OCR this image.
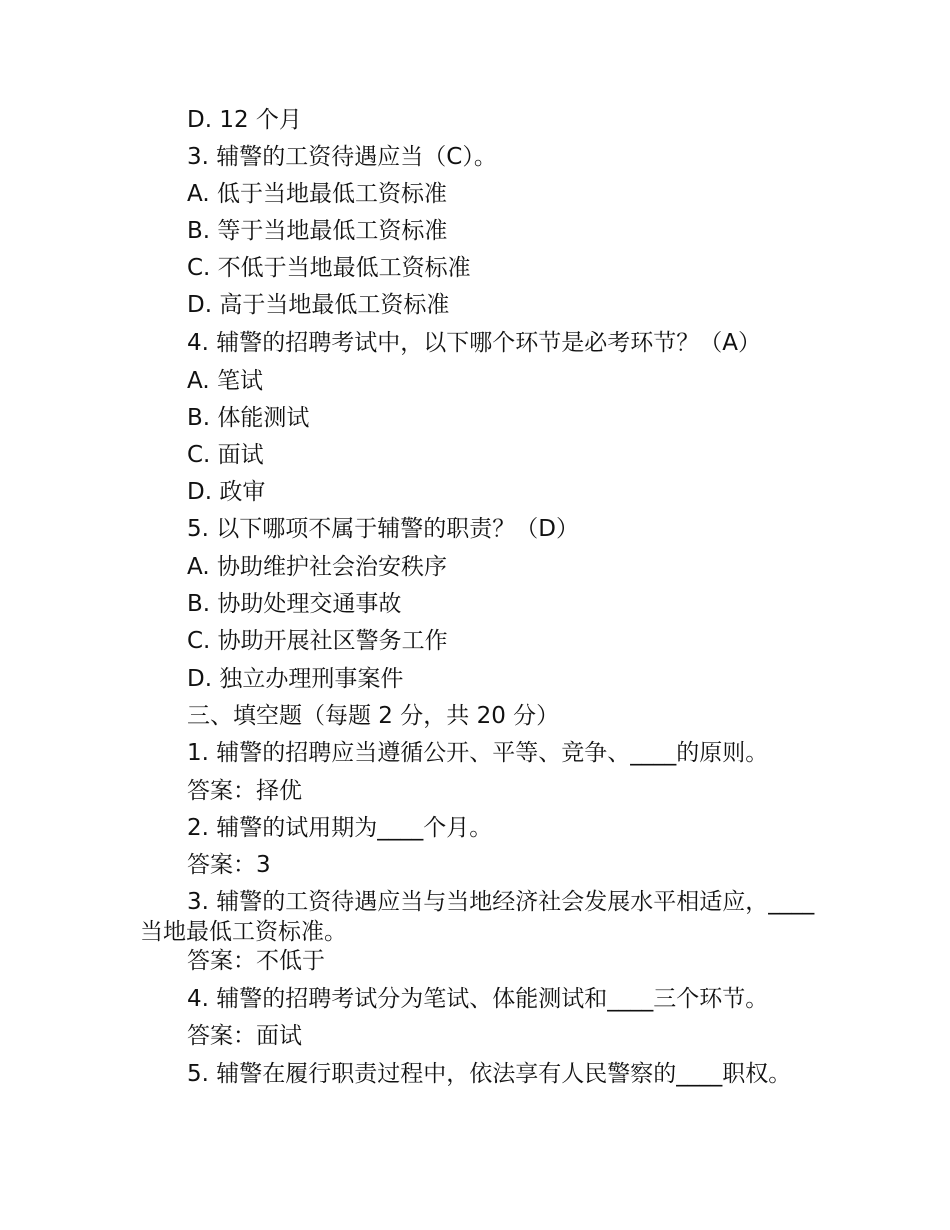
D. 12 个月
3. 辅警的工资待遇应当（C）。
A. 低于当地最低工资标准
B. 等于当地最低工资标准
C. 不低于当地最低工资标准
D. 高于当地最低工资标准
4. 辅警的招聘考试中，以下哪个环节是必考环节？（A）
A. 笔试
B. 体能测试
C. 面试
D. 政审
5. 以下哪项不属于辅警的职责？（D）
A. 协助维护社会治安秩序
B. 协助处理交通事故
C. 协助开展社区警务工作
D. 独立办理刑事案件
三、填空题（每题 2 分，共 20 分）
1. 辅警的招聘应当遵循公开、平等、竞争、____的原则。
答案：择优
2. 辅警的试用期为____个月。
答案：3
3. 辅警的工资待遇应当与当地经济社会发展水平相适应，____当地最低工资标准。
答案：不低于
4. 辅警的招聘考试分为笔试、体能测试和____三个环节。
答案：面试
5. 辅警在履行职责过程中，依法享有人民警察的____职权。
